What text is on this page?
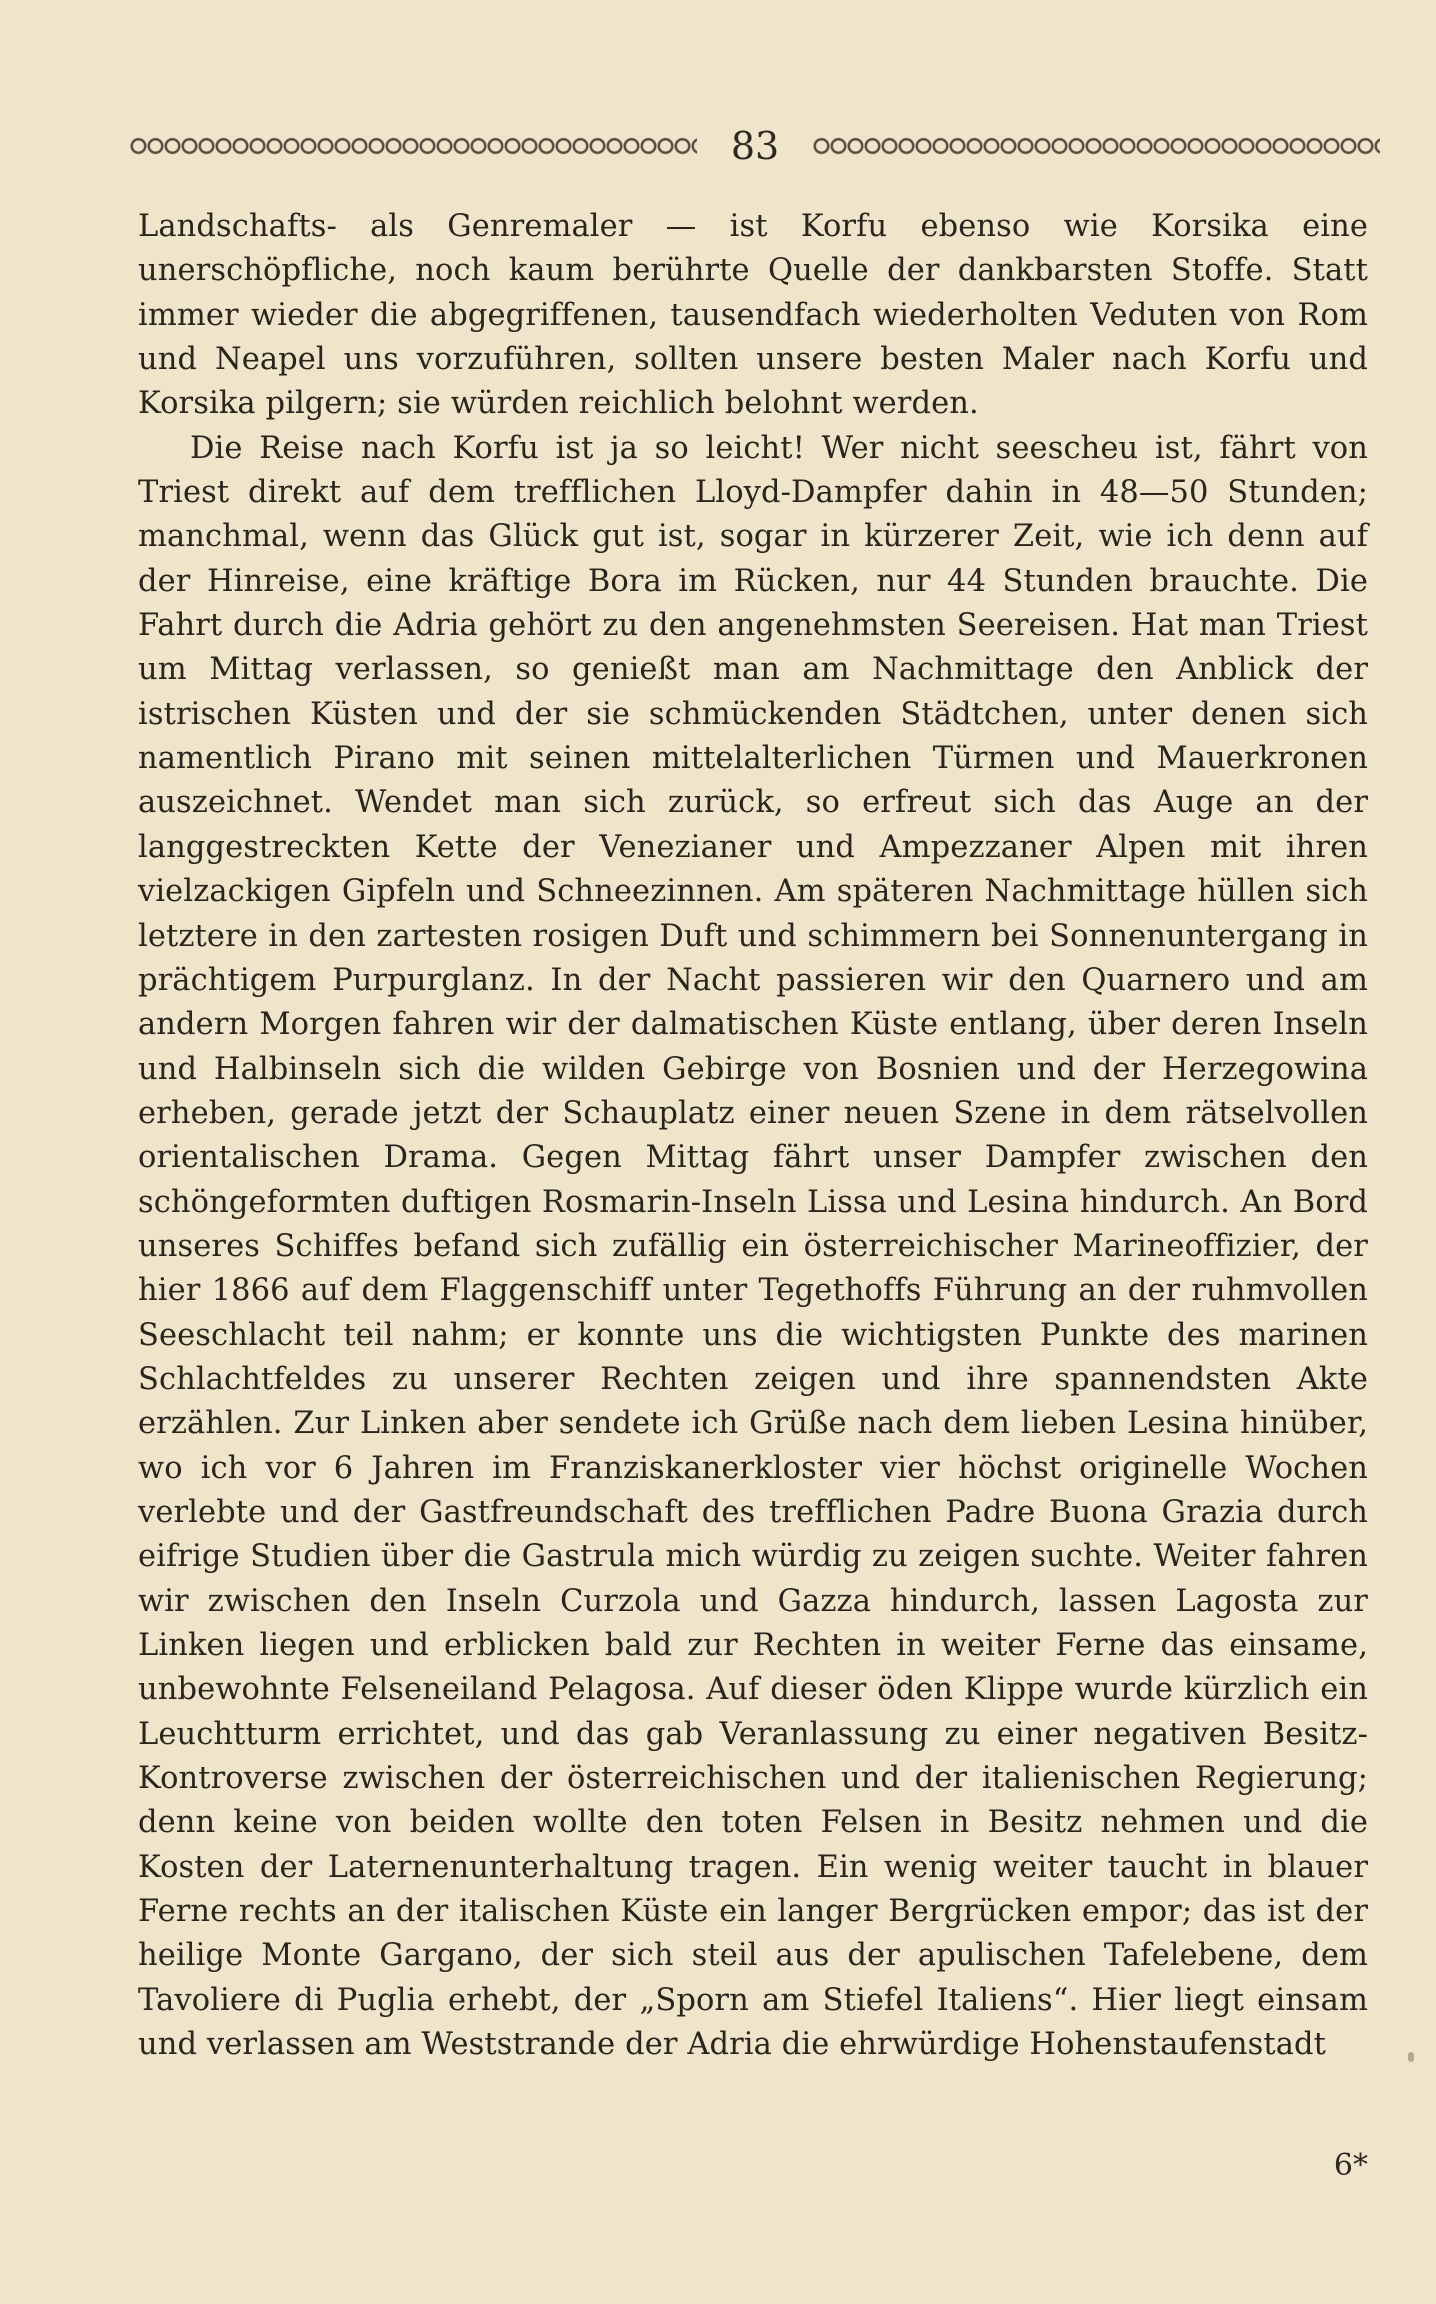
83

Landschafts- als Genremaler — ist Korfu ebenso wie Korsika eine unerschöpfliche, noch kaum berührte Quelle der dankbarsten Stoffe. Statt immer wieder die abgegriffenen, tausendfach wiederholten Veduten von Rom und Neapel uns vorzuführen, sollten unsere besten Maler nach Korfu und Korsika pilgern; sie würden reichlich belohnt werden.

Die Reise nach Korfu ist ja so leicht! Wer nicht seescheu ist, fährt von Triest direkt auf dem trefflichen Lloyd-Dampfer dahin in 48—50 Stunden; manchmal, wenn das Glück gut ist, sogar in kürzerer Zeit, wie ich denn auf der Hinreise, eine kräftige Bora im Rücken, nur 44 Stunden brauchte. Die Fahrt durch die Adria gehört zu den angenehmsten Seereisen. Hat man Triest um Mittag verlassen, so genießt man am Nachmittage den Anblick der istrischen Küsten und der sie schmückenden Städtchen, unter denen sich namentlich Pirano mit seinen mittelalterlichen Türmen und Mauerkronen auszeichnet. Wendet man sich zurück, so erfreut sich das Auge an der langgestreckten Kette der Venezianer und Ampezzaner Alpen mit ihren vielzackigen Gipfeln und Schneezinnen. Am späteren Nachmittage hüllen sich letztere in den zartesten rosigen Duft und schimmern bei Sonnenuntergang in prächtigem Purpurglanz. In der Nacht passieren wir den Quarnero und am andern Morgen fahren wir der dalmatischen Küste entlang, über deren Inseln und Halbinseln sich die wilden Gebirge von Bosnien und der Herzegowina erheben, gerade jetzt der Schauplatz einer neuen Szene in dem rätselvollen orientalischen Drama. Gegen Mittag fährt unser Dampfer zwischen den schöngeformten duftigen Rosmarin-Inseln Lissa und Lesina hindurch. An Bord unseres Schiffes befand sich zufällig ein österreichischer Marineoffizier, der hier 1866 auf dem Flaggenschiff unter Tegethoffs Führung an der ruhmvollen Seeschlacht teil nahm; er konnte uns die wichtigsten Punkte des marinen Schlachtfeldes zu unserer Rechten zeigen und ihre spannendsten Akte erzählen. Zur Linken aber sendete ich Grüße nach dem lieben Lesina hinüber, wo ich vor 6 Jahren im Franziskanerkloster vier höchst originelle Wochen verlebte und der Gastfreundschaft des trefflichen Padre Buona Grazia durch eifrige Studien über die Gastrula mich würdig zu zeigen suchte. Weiter fahren wir zwischen den Inseln Curzola und Gazza hindurch, lassen Lagosta zur Linken liegen und erblicken bald zur Rechten in weiter Ferne das einsame, unbewohnte Felseneiland Pelagosa. Auf dieser öden Klippe wurde kürzlich ein Leuchtturm errichtet, und das gab Veranlassung zu einer negativen Besitz-Kontroverse zwischen der österreichischen und der italienischen Regierung; denn keine von beiden wollte den toten Felsen in Besitz nehmen und die Kosten der Laternenunterhaltung tragen. Ein wenig weiter taucht in blauer Ferne rechts an der italischen Küste ein langer Bergrücken empor; das ist der heilige Monte Gargano, der sich steil aus der apulischen Tafelebene, dem Tavoliere di Puglia erhebt, der „Sporn am Stiefel Italiens“. Hier liegt einsam und verlassen am Weststrande der Adria die ehrwürdige Hohenstaufenstadt

6*
